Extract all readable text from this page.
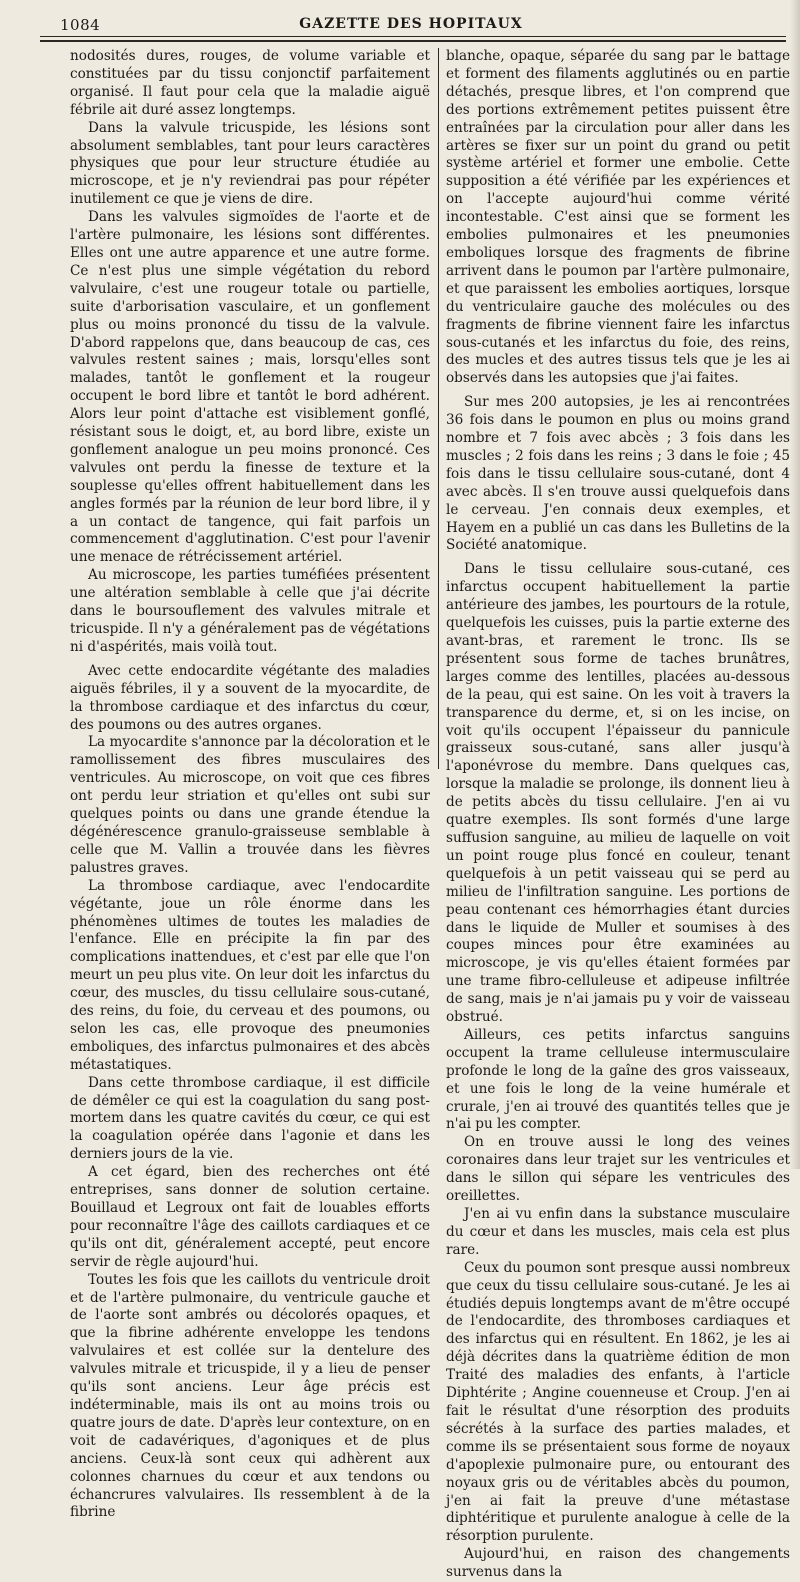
1084	GAZETTE DES HOPITAUX

nodosités dures, rouges, de volume variable et constituées par du tissu conjonctif parfaitement organisé. Il faut pour cela que la maladie aiguë fébrile ait duré assez longtemps.

Dans la valvule tricuspide, les lésions sont absolument semblables, tant pour leurs caractères physiques que pour leur structure étudiée au microscope, et je n'y reviendrai pas pour répéter inutilement ce que je viens de dire.

Dans les valvules sigmoïdes de l'aorte et de l'artère pulmonaire, les lésions sont différentes. Elles ont une autre apparence et une autre forme. Ce n'est plus une simple végétation du rebord valvulaire, c'est une rougeur totale ou partielle, suite d'arborisation vasculaire, et un gonflement plus ou moins prononcé du tissu de la valvule. D'abord rappelons que, dans beaucoup de cas, ces valvules restent saines ; mais, lorsqu'elles sont malades, tantôt le gonflement et la rougeur occupent le bord libre et tantôt le bord adhérent. Alors leur point d'attache est visiblement gonflé, résistant sous le doigt, et, au bord libre, existe un gonflement analogue un peu moins prononcé. Ces valvules ont perdu la finesse de texture et la souplesse qu'elles offrent habituellement dans les angles formés par la réunion de leur bord libre, il y a un contact de tangence, qui fait parfois un commencement d'agglutination. C'est pour l'avenir une menace de rétrécissement artériel.

Au microscope, les parties tuméfiées présentent une altération semblable à celle que j'ai décrite dans le boursouflement des valvules mitrale et tricuspide. Il n'y a généralement pas de végétations ni d'aspérités, mais voilà tout.

Avec cette endocardite végétante des maladies aiguës fébriles, il y a souvent de la myocardite, de la thrombose cardiaque et des infarctus du cœur, des poumons ou des autres organes.

La myocardite s'annonce par la décoloration et le ramollissement des fibres musculaires des ventricules. Au microscope, on voit que ces fibres ont perdu leur striation et qu'elles ont subi sur quelques points ou dans une grande étendue la dégénérescence granulo-graisseuse semblable à celle que M. Vallin a trouvée dans les fièvres palustres graves.

La thrombose cardiaque, avec l'endocardite végétante, joue un rôle énorme dans les phénomènes ultimes de toutes les maladies de l'enfance. Elle en précipite la fin par des complications inattendues, et c'est par elle que l'on meurt un peu plus vite. On leur doit les infarctus du cœur, des muscles, du tissu cellulaire sous-cutané, des reins, du foie, du cerveau et des poumons, ou selon les cas, elle provoque des pneumonies emboliques, des infarctus pulmonaires et des abcès métastatiques.

Dans cette thrombose cardiaque, il est difficile de démêler ce qui est la coagulation du sang post-mortem dans les quatre cavités du cœur, ce qui est la coagulation opérée dans l'agonie et dans les derniers jours de la vie.

A cet égard, bien des recherches ont été entreprises, sans donner de solution certaine. Bouillaud et Legroux ont fait de louables efforts pour reconnaître l'âge des caillots cardiaques et ce qu'ils ont dit, généralement accepté, peut encore servir de règle aujourd'hui.

Toutes les fois que les caillots du ventricule droit et de l'artère pulmonaire, du ventricule gauche et de l'aorte sont ambrés ou décolorés opaques, et que la fibrine adhérente enveloppe les tendons valvulaires et est collée sur la dentelure des valvules mitrale et tricuspide, il y a lieu de penser qu'ils sont anciens. Leur âge précis est indéterminable, mais ils ont au moins trois ou quatre jours de date. D'après leur contexture, on en voit de cadavériques, d'agoniques et de plus anciens. Ceux-là sont ceux qui adhèrent aux colonnes charnues du cœur et aux tendons ou échancrures valvulaires. Ils ressemblent à de la fibrine

blanche, opaque, séparée du sang par le battage et forment des filaments agglutinés ou en partie détachés, presque libres, et l'on comprend que des portions extrêmement petites puissent être entraînées par la circulation pour aller dans les artères se fixer sur un point du grand ou petit système artériel et former une embolie. Cette supposition a été vérifiée par les expériences et on l'accepte aujourd'hui comme vérité incontestable. C'est ainsi que se forment les embolies pulmonaires et les pneumonies emboliques lorsque des fragments de fibrine arrivent dans le poumon par l'artère pulmonaire, et que paraissent les embolies aortiques, lorsque du ventriculaire gauche des molécules ou des fragments de fibrine viennent faire les infarctus sous-cutanés et les infarctus du foie, des reins, des mucles et des autres tissus tels que je les ai observés dans les autopsies que j'ai faites.

Sur mes 200 autopsies, je les ai rencontrées 36 fois dans le poumon en plus ou moins grand nombre et 7 fois avec abcès ; 3 fois dans les muscles ; 2 fois dans les reins ; 3 dans le foie ; 45 fois dans le tissu cellulaire sous-cutané, dont 4 avec abcès. Il s'en trouve aussi quelquefois dans le cerveau. J'en connais deux exemples, et Hayem en a publié un cas dans les Bulletins de la Société anatomique.

Dans le tissu cellulaire sous-cutané, ces infarctus occupent habituellement la partie antérieure des jambes, les pourtours de la rotule, quelquefois les cuisses, puis la partie externe des avant-bras, et rarement le tronc. Ils se présentent sous forme de taches brunâtres, larges comme des lentilles, placées au-dessous de la peau, qui est saine. On les voit à travers la transparence du derme, et, si on les incise, on voit qu'ils occupent l'épaisseur du pannicule graisseux sous-cutané, sans aller jusqu'à l'aponévrose du membre. Dans quelques cas, lorsque la maladie se prolonge, ils donnent lieu à de petits abcès du tissu cellulaire. J'en ai vu quatre exemples. Ils sont formés d'une large suffusion sanguine, au milieu de laquelle on voit un point rouge plus foncé en couleur, tenant quelquefois à un petit vaisseau qui se perd au milieu de l'infiltration sanguine. Les portions de peau contenant ces hémorrhagies étant durcies dans le liquide de Muller et soumises à des coupes minces pour être examinées au microscope, je vis qu'elles étaient formées par une trame fibro-celluleuse et adipeuse infiltrée de sang, mais je n'ai jamais pu y voir de vaisseau obstrué.

Ailleurs, ces petits infarctus sanguins occupent la trame celluleuse intermusculaire profonde le long de la gaîne des gros vaisseaux, et une fois le long de la veine humérale et crurale, j'en ai trouvé des quantités telles que je n'ai pu les compter.

On en trouve aussi le long des veines coronaires dans leur trajet sur les ventricules et dans le sillon qui sépare les ventricules des oreillettes.

J'en ai vu enfin dans la substance musculaire du cœur et dans les muscles, mais cela est plus rare.

Ceux du poumon sont presque aussi nombreux que ceux du tissu cellulaire sous-cutané. Je les ai étudiés depuis longtemps avant de m'être occupé de l'endocardite, des thromboses cardiaques et des infarctus qui en résultent. En 1862, je les ai déjà décrites dans la quatrième édition de mon Traité des maladies des enfants, à l'article Diphtérite ; Angine couenneuse et Croup. J'en ai fait le résultat d'une résorption des produits sécrétés à la surface des parties malades, et comme ils se présentaient sous forme de noyaux d'apoplexie pulmonaire pure, ou entourant des noyaux gris ou de véritables abcès du poumon, j'en ai fait la preuve d'une métastase diphtéritique et purulente analogue à celle de la résorption purulente.

Aujourd'hui, en raison des changements survenus dans la
